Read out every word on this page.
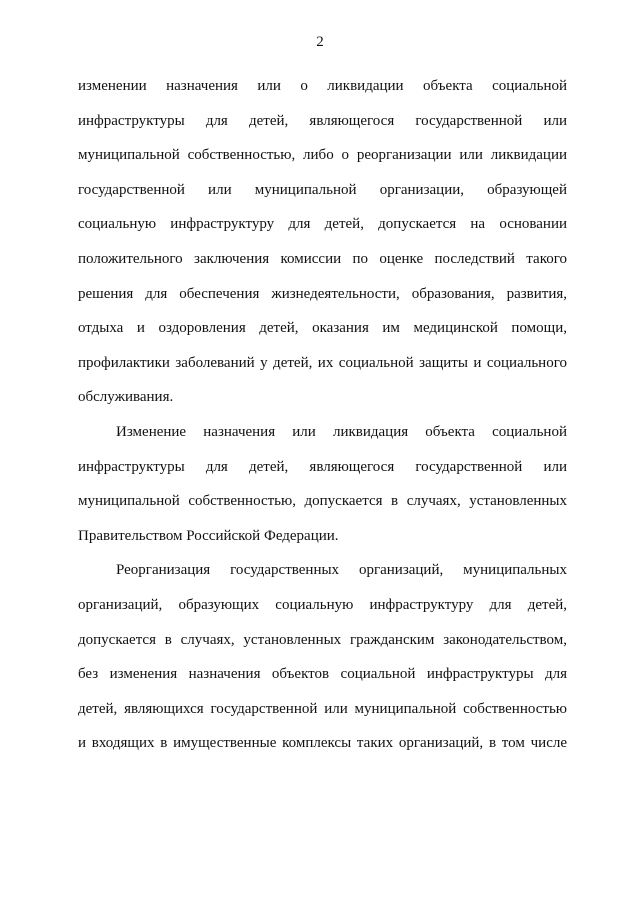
2
изменении назначения или о ликвидации объекта социальной
инфраструктуры для детей, являющегося государственной или
муниципальной собственностью, либо о реорганизации или ликвидации
государственной или муниципальной организации, образующей
социальную инфраструктуру для детей, допускается на основании
положительного заключения комиссии по оценке последствий такого
решения для обеспечения жизнедеятельности, образования, развития,
отдыха и оздоровления детей, оказания им медицинской помощи,
профилактики заболеваний у детей, их социальной защиты и социального
обслуживания.
Изменение назначения или ликвидация объекта социальной
инфраструктуры для детей, являющегося государственной или
муниципальной собственностью, допускается в случаях, установленных
Правительством Российской Федерации.
Реорганизация государственных организаций, муниципальных
организаций, образующих социальную инфраструктуру для детей,
допускается в случаях, установленных гражданским законодательством,
без изменения назначения объектов социальной инфраструктуры для
детей, являющихся государственной или муниципальной собственностью
и входящих в имущественные комплексы таких организаций, в том числе
